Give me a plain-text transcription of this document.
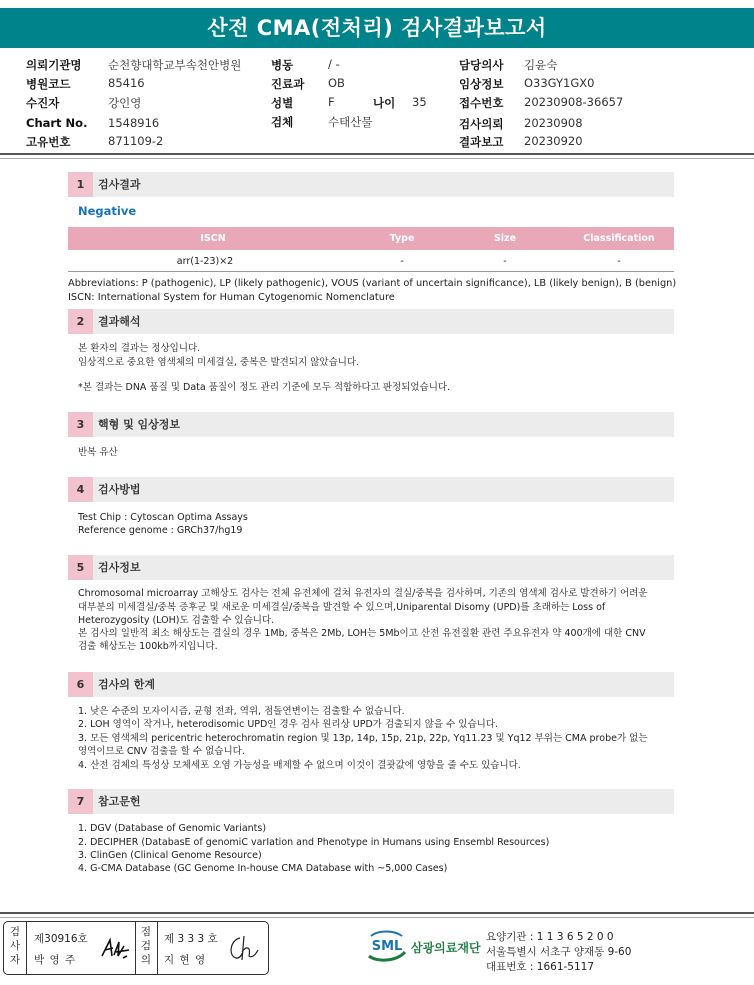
산전 CMA(전처리) 검사결과보고서
의뢰기관명 순천향대학교부속천안병원
병원코드	85416
수진자	강인영
Chart No. 1548916
고유번호	871109-2
병동	/ -
진료과 OB
성별	F	나이 35
검체	수태산물
담당의사 김윤숙
임상정보 O33GY1GX0
접수번호 20230908-36657
검사의뢰 20230908
결과보고 20230920
1	검사결과
Negative
ISCN	Type	Size	Classification
arr(1-23)×2	-	-	-
Abbreviations: P (pathogenic), LP (likely pathogenic), VOUS (variant of uncertain significance), LB (likely benign), B (benign)
ISCN: International System for Human Cytogenomic Nomenclature
2	결과해석
본 환자의 결과는 정상입니다.
임상적으로 중요한 염색체의 미세결실, 중복은 발견되지 않았습니다.
*본 결과는 DNA 품질 및 Data 품질이 정도 관리 기준에 모두 적합하다고 판정되었습니다.
3	핵형 및 임상정보
반복 유산
4	검사방법
Test Chip : Cytoscan Optima Assays
Reference genome : GRCh37/hg19
5	검사정보
Chromosomal microarray 고해상도 검사는 전체 유전체에 걸쳐 유전자의 결실/중복을 검사하며, 기존의 염색체 검사로 발견하기 어려운
대부분의 미세결실/중복 증후군 및 새로운 미세결실/중복을 발견할 수 있으며,Uniparental Disomy (UPD)를 초래하는 Loss of
Heterozygosity (LOH)도 검출할 수 있습니다.
본 검사의 일반적 최소 해상도는 결실의 경우 1Mb, 중복은 2Mb, LOH는 5Mb이고 산전 유전질환 관련 주요유전자 약 400개에 대한 CNV
검출 해상도는 100kb까지입니다.
6	검사의 한계
1. 낮은 수준의 모자이시즘, 균형 전좌, 역위, 점돌연변이는 검출할 수 없습니다.
2. LOH 영역이 작거나, heterodisomic UPD인 경우 검사 원리상 UPD가 검출되지 않을 수 있습니다.
3. 모든 염색체의 pericentric heterochromatin region 및 13p, 14p, 15p, 21p, 22p, Yq11.23 및 Yq12 부위는 CMA probe가 없는
영역이므로 CNV 검출을 할 수 없습니다.
4. 산전 검체의 특성상 모체세포 오염 가능성을 배제할 수 없으며 이것이 결괏값에 영향을 줄 수도 있습니다.
7	참고문헌
1. DGV (Database of Genomic Variants)
2. DECIPHER (DatabasE of genomiC varIation and Phenotype in Humans using Ensembl Resources)
3. ClinGen (Clinical Genome Resource)
4. G-CMA Database (GC Genome In-house CMA Database with ~5,000 Cases)
검
사
자
제30916호
박 영 주
점
검
의
제 3 3 3 호
지 현 영
SML 삼광의료재단
요양기관 : 1 1 3 6 5 2 0 0
서울특별시 서초구 양재동 9-60
대표번호 : 1661-5117
